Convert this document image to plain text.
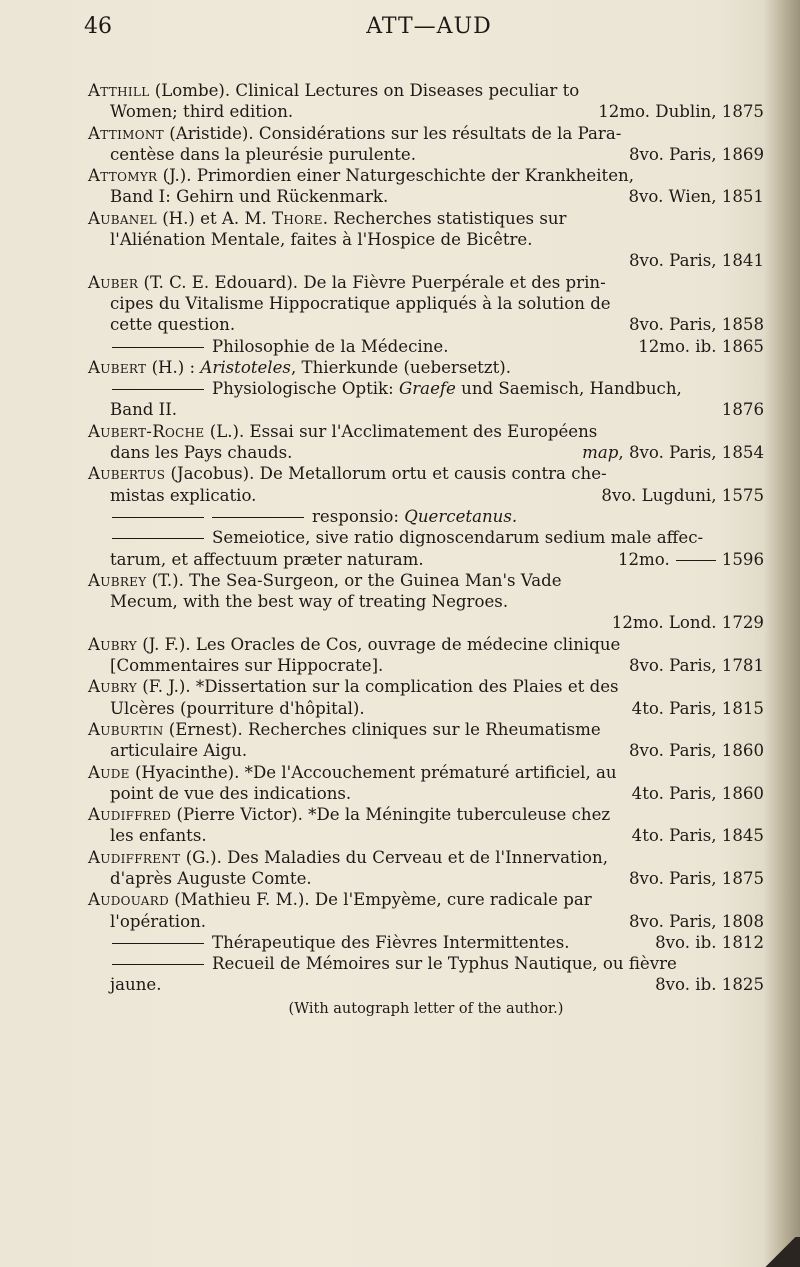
46	ATT—AUD
Atthill (Lombe). Clinical Lectures on Diseases peculiar to
Women; third edition.	12mo. Dublin, 1875
Attimont (Aristide). Considérations sur les résultats de la Para-
centèse dans la pleurésie purulente.	8vo. Paris, 1869
Attomyr (J.). Primordien einer Naturgeschichte der Krankheiten,
Band I: Gehirn und Rückenmark.	8vo. Wien, 1851
Aubanel (H.) et A. M. Thore. Recherches statistiques sur
l'Aliénation Mentale, faites à l'Hospice de Bicêtre.
8vo. Paris, 1841
Auber (T. C. E. Edouard). De la Fièvre Puerpérale et des prin-
cipes du Vitalisme Hippocratique appliqués à la solution de
cette question.	8vo. Paris, 1858
Philosophie de la Médecine.	12mo. ib. 1865
Aubert (H.) : Aristoteles, Thierkunde (uebersetzt).
Physiologische Optik: Graefe und Saemisch, Handbuch,
Band II.	1876
Aubert-Roche (L.). Essai sur l'Acclimatement des Européens
dans les Pays chauds.	map, 8vo. Paris, 1854
Aubertus (Jacobus). De Metallorum ortu et causis contra che-
mistas explicatio.	8vo. Lugduni, 1575
responsio: Quercetanus.
Semeiotice, sive ratio dignoscendarum sedium male affec-
tarum, et affectuum præter naturam.	12mo.	1596
Aubrey (T.). The Sea-Surgeon, or the Guinea Man's Vade
Mecum, with the best way of treating Negroes.
12mo. Lond. 1729
Aubry (J. F.). Les Oracles de Cos, ouvrage de médecine clinique
[Commentaires sur Hippocrate].	8vo. Paris, 1781
Aubry (F. J.). *Dissertation sur la complication des Plaies et des
Ulcères (pourriture d'hôpital).	4to. Paris, 1815
Auburtin (Ernest). Recherches cliniques sur le Rheumatisme
articulaire Aigu.	8vo. Paris, 1860
Aude (Hyacinthe). *De l'Accouchement prématuré artificiel, au
point de vue des indications.	4to. Paris, 1860
Audiffred (Pierre Victor). *De la Méningite tuberculeuse chez
les enfants.	4to. Paris, 1845
Audiffrent (G.). Des Maladies du Cerveau et de l'Innervation,
d'après Auguste Comte.	8vo. Paris, 1875
Audouard (Mathieu F. M.). De l'Empyème, cure radicale par
l'opération.	8vo. Paris, 1808
Thérapeutique des Fièvres Intermittentes.	8vo. ib. 1812
Recueil de Mémoires sur le Typhus Nautique, ou fièvre
jaune.	8vo. ib. 1825
(With autograph letter of the author.)
